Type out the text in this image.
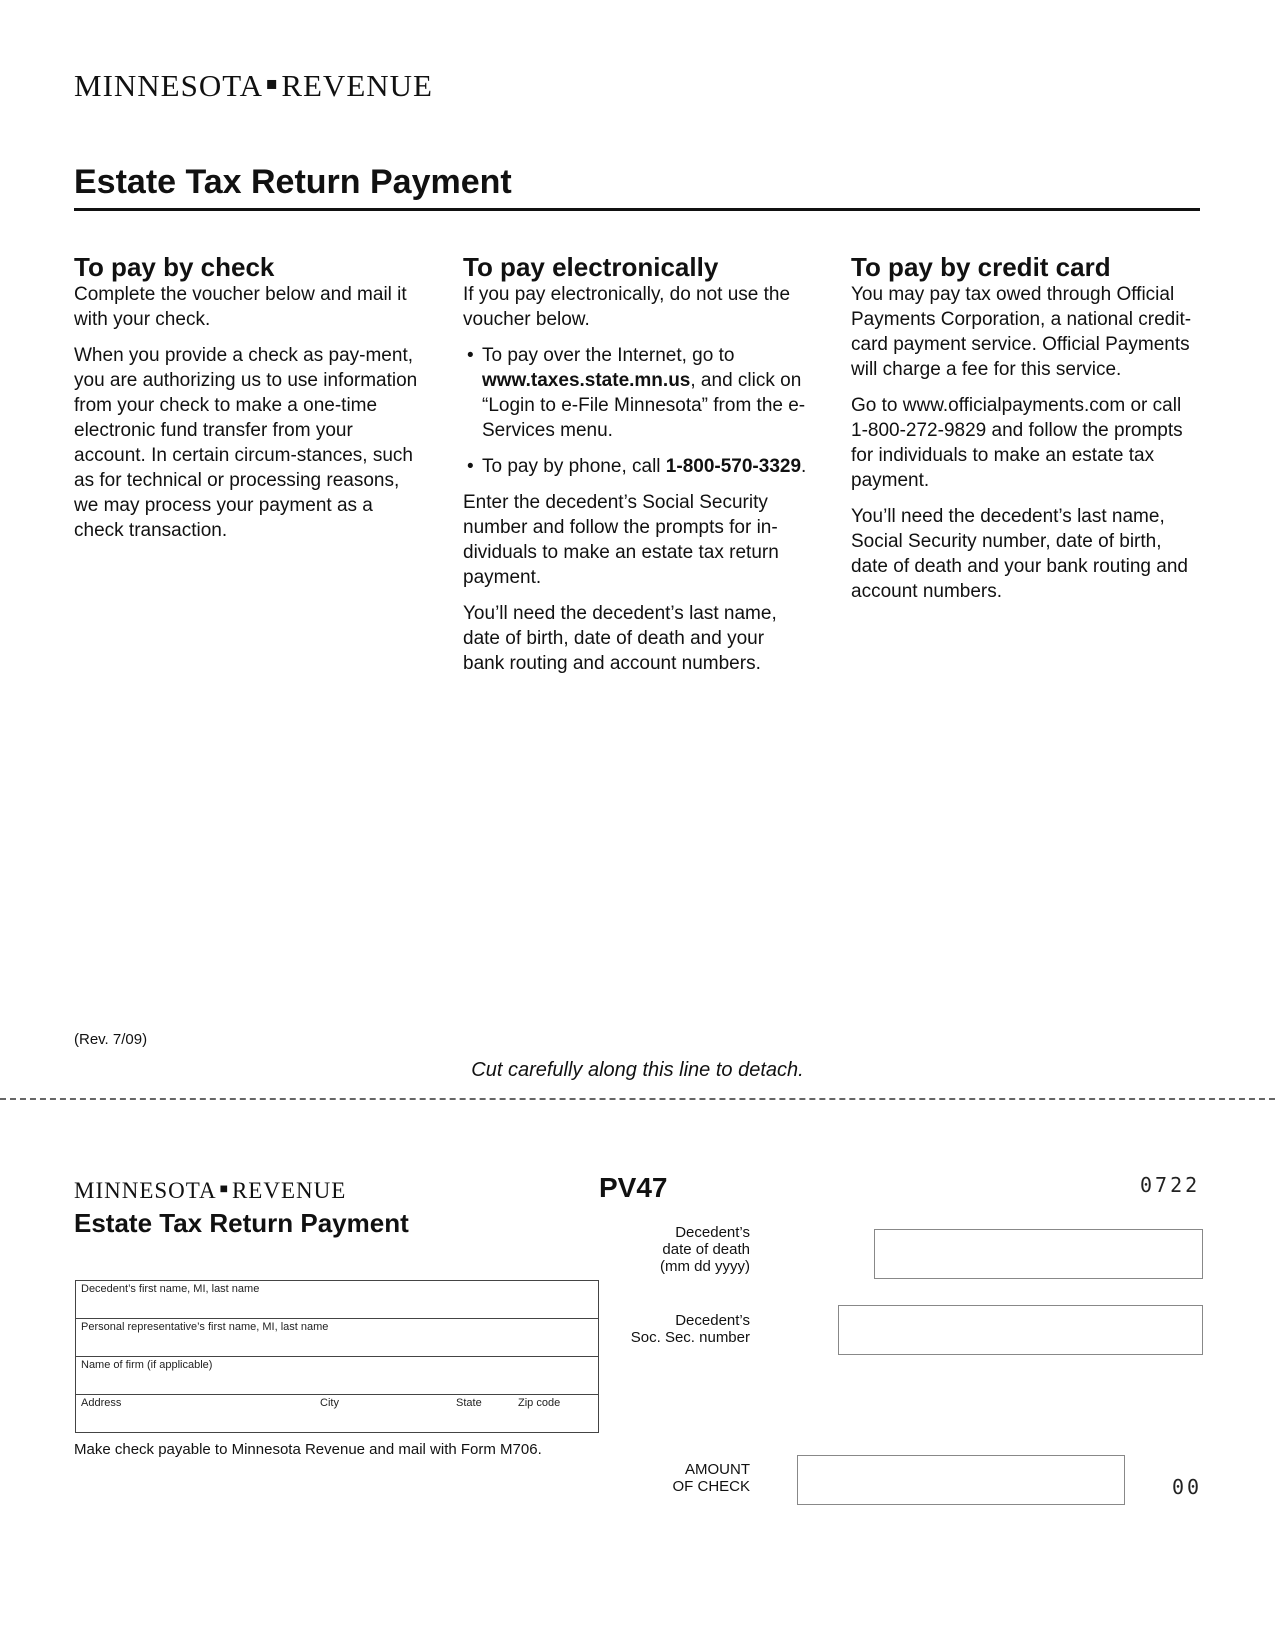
MINNESOTA ■REVENUE
Estate Tax Return Payment
To pay by check

Complete the voucher below and mail it with your check.

When you provide a check as pay-ment, you are authorizing us to use information from your check to make a one-time electronic fund transfer from your account. In certain circum-stances, such as for technical or processing reasons, we may process your payment as a check transaction.

To pay electronically

If you pay electronically, do not use the voucher below.

• To pay over the Internet, go to www.taxes.state.mn.us, and click on “Login to e-File Minnesota” from the e-Services menu.
• To pay by phone, call 1-800-570-3329.

Enter the decedent’s Social Security number and follow the prompts for in-dividuals to make an estate tax return payment.

You’ll need the decedent’s last name, date of birth, date of death and your bank routing and account numbers.

To pay by credit card

You may pay tax owed through Official Payments Corporation, a national credit-card payment service. Official Payments will charge a fee for this service.

Go to www.officialpayments.com or call 1-800-272-9829 and follow the prompts for individuals to make an estate tax payment.

You’ll need the decedent’s last name, Social Security number, date of birth, date of death and your bank routing and account numbers.

(Rev. 7/09)
Cut carefully along this line to detach.
MINNESOTA ■ REVENUE
Estate Tax Return Payment
PV47	0722
Decedent’s first name, MI, last name
Personal representative’s first name, MI, last name
Name of firm (if applicable)
Address	City	State	Zip code
Make check payable to Minnesota Revenue and mail with Form M706.
Decedent’s
date of death
(mm dd yyyy)
Decedent’s
Soc. Sec. number
AMOUNT
OF CHECK	00
